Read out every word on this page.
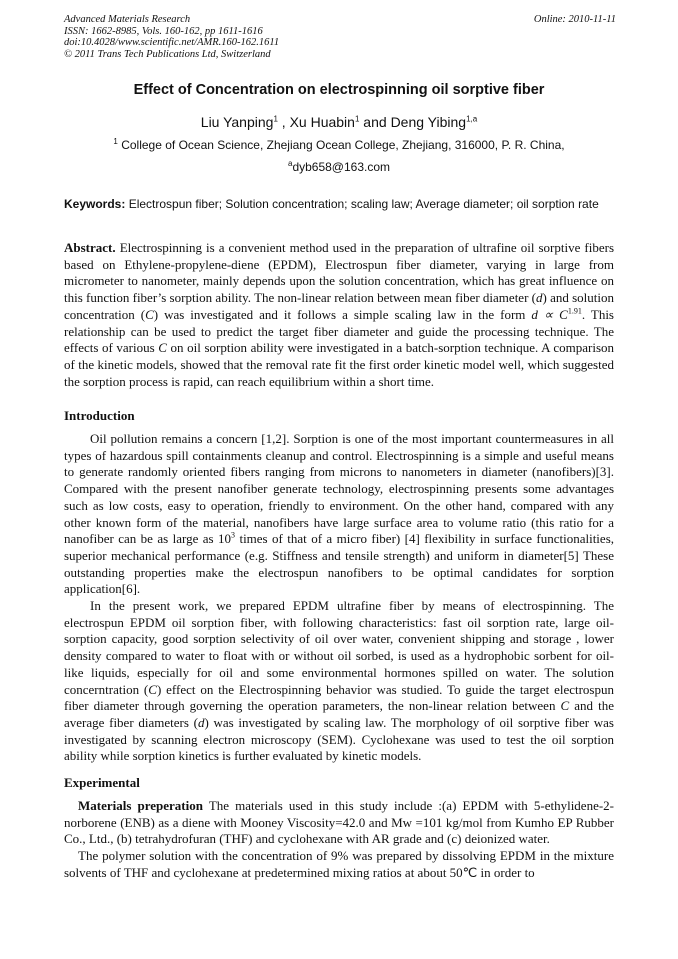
Advanced Materials Research
ISSN: 1662-8985, Vols. 160-162, pp 1611-1616
doi:10.4028/www.scientific.net/AMR.160-162.1611
© 2011 Trans Tech Publications Ltd, Switzerland
Online: 2010-11-11
Effect of Concentration on electrospinning oil sorptive fiber
Liu Yanping$^1$ , Xu Huabin$^1$ and Deng Yibing$^{1,a}$
$^1$ College of Ocean Science, Zhejiang Ocean College, Zhejiang, 316000, P. R. China,
$^a$dyb658@163.com
Keywords: Electrospun fiber; Solution concentration; scaling law; Average diameter; oil sorption rate

Abstract. Electrospinning is a convenient method used in the preparation of ultrafine oil sorptive fibers based on Ethylene-propylene-diene (EPDM), Electrospun fiber diameter, varying in large from micrometer to nanometer, mainly depends upon the solution concentration, which has great influence on this function fiber’s sorption ability. The non-linear relation between mean fiber diameter (d) and solution concentration (C) was investigated and it follows a simple scaling law in the form $d \propto C^{1.91}$. This relationship can be used to predict the target fiber diameter and guide the processing technique. The effects of various C on oil sorption ability were investigated in a batch-sorption technique. A comparison of the kinetic models, showed that the removal rate fit the first order kinetic model well, which suggested the sorption process is rapid, can reach equilibrium within a short time.

Introduction

Oil pollution remains a concern [1,2]. Sorption is one of the most important countermeasures in all types of hazardous spill containments cleanup and control. Electrospinning is a simple and useful means to generate randomly oriented fibers ranging from microns to nanometers in diameter (nanofibers)[3]. Compared with the present nanofiber generate technology, electrospinning presents some advantages such as low costs, easy to operation, friendly to environment. On the other hand, compared with any other known form of the material, nanofibers have large surface area to volume ratio (this ratio for a nanofiber can be as large as $10^3$ times of that of a micro fiber) [4] flexibility in surface functionalities, superior mechanical performance (e.g. Stiffness and tensile strength) and uniform in diameter[5] These outstanding properties make the electrospun nanofibers to be optimal candidates for sorption application[6].

In the present work, we prepared EPDM ultrafine fiber by means of electrospinning. The electrospun EPDM oil sorption fiber, with following characteristics: fast oil sorption rate, large oil-sorption capacity, good sorption selectivity of oil over water, convenient shipping and storage , lower density compared to water to float with or without oil sorbed, is used as a hydrophobic sorbent for oil-like liquids, especially for oil and some environmental hormones spilled on water. The solution concerntration (C) effect on the Electrospinning behavior was studied. To guide the target electrospun fiber diameter through governing the operation parameters, the non-linear relation between C and the average fiber diameters (d) was investigated by scaling law. The morphology of oil sorptive fiber was investigated by scanning electron microscopy (SEM). Cyclohexane was used to test the oil sorption ability while sorption kinetics is further evaluated by kinetic models.

Experimental

Materials preperation The materials used in this study include :(a) EPDM with 5-ethylidene-2-norborene (ENB) as a diene with Mooney Viscosity=42.0 and Mw =101 kg/mol from Kumho EP Rubber Co., Ltd., (b) tetrahydrofuran (THF) and cyclohexane with AR grade and (c) deionized water.

The polymer solution with the concentration of 9% was prepared by dissolving EPDM in the mixture solvents of THF and cyclohexane at predetermined mixing ratios at about 50℃ in order to
